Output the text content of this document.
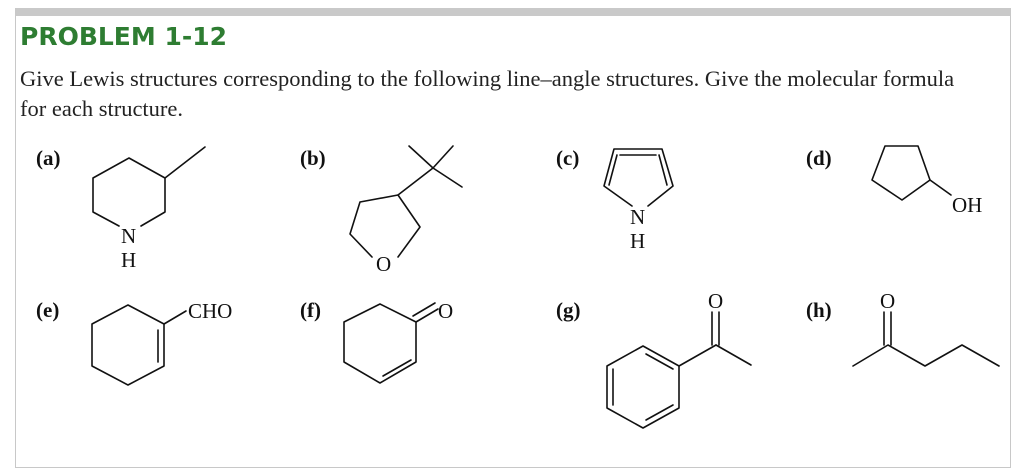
PROBLEM 1-12
Give Lewis structures corresponding to the following line–angle structures. Give the molecular formula for each structure.
(a)	(b)	(c)	(d)
(e)	(f)	(g)	(h)
N
H	O
N
H
OH
CHO	O	O	O
